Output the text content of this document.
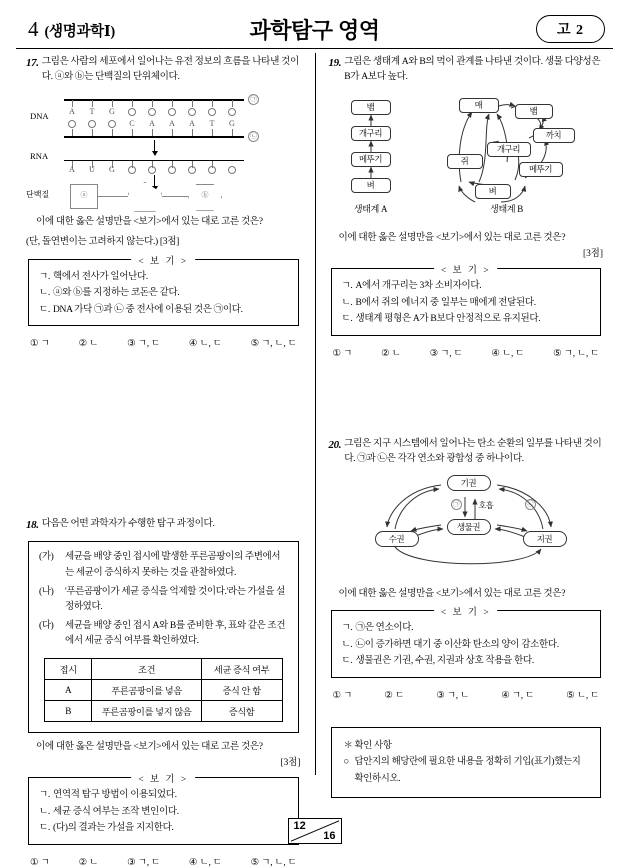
4 (생명과학Ⅰ)	과학탐구 영역	고 2
17. 그림은 사람의 세포에서 일어나는 유전 정보의 흐름을 나타낸 것이다. ⓐ와 ⓑ는 단백질의 단위체이다.
DNA
RNA
단백질
A	T	G
㉠
C A A A	T	G
㉡
A U G
ⓐ	ⓑ
이에 대한 옳은 설명만을 <보기>에서 있는 대로 고른 것은?
(단, 돌연변이는 고려하지 않는다.) [3점]
< 보 기 >
ㄱ. 핵에서 전사가 일어난다.
ㄴ. ⓐ와 ⓑ를 지정하는 코돈은 같다.
ㄷ. DNA 가닥 ㉠과 ㉡ 중 전사에 이용된 것은 ㉠이다.
① ㄱ	② ㄴ	③ ㄱ, ㄷ	④ ㄴ, ㄷ	⑤ ㄱ, ㄴ, ㄷ
18. 다음은 어떤 과학자가 수행한 탐구 과정이다.
(가)	세균을 배양 중인 접시에 발생한 푸른곰팡이의 주변에서는 세균이 증식하지 못하는 것을 관찰하였다.
(나)	'푸른곰팡이가 세균 증식을 억제할 것이다.'라는 가설을 설정하였다.
(다)	세균을 배양 중인 접시 A와 B를 준비한 후, 표와 같은 조건에서 세균 증식 여부를 확인하였다.
접시	조건	세균 증식 여부
A	푸른곰팡이를 넣음	증식 안 함
B	푸른곰팡이를 넣지 않음	증식함
이에 대한 옳은 설명만을 <보기>에서 있는 대로 고른 것은?
[3점]
< 보 기 >
ㄱ. 연역적 탐구 방법이 이용되었다.
ㄴ. 세균 증식 여부는 조작 변인이다.
ㄷ. (다)의 결과는 가설을 지지한다.
① ㄱ	② ㄴ	③ ㄱ, ㄷ	④ ㄴ, ㄷ	⑤ ㄱ, ㄴ, ㄷ
19. 그림은 생태계 A와 B의 먹이 관계를 나타낸 것이다. 생물 다양성은 B가 A보다 높다.
뱀
개구리
메뚜기
벼
생태계 A
매
뱀
까치
개구리
쥐
메뚜기
벼
생태계 B
이에 대한 옳은 설명만을 <보기>에서 있는 대로 고른 것은?
[3점]
< 보 기 >
ㄱ. A에서 개구리는 3차 소비자이다.
ㄴ. B에서 쥐의 에너지 중 일부는 매에게 전달된다.
ㄷ. 생태계 평형은 A가 B보다 안정적으로 유지된다.
① ㄱ	② ㄴ	③ ㄱ, ㄷ	④ ㄴ, ㄷ	⑤ ㄱ, ㄴ, ㄷ
20. 그림은 지구 시스템에서 일어나는 탄소 순환의 일부를 나타낸 것이다. ㉠과 ㉡은 각각 연소와 광합성 중 하나이다.
기권
생물권
수권	지권
호흡
㉠	㉡
이에 대한 옳은 설명만을 <보기>에서 있는 대로 고른 것은?
< 보 기 >
ㄱ. ㉠은 연소이다.
ㄴ. ㉡이 증가하면 대기 중 이산화 탄소의 양이 감소한다.
ㄷ. 생물권은 기권, 수권, 지권과 상호 작용을 한다.
① ㄱ	② ㄷ	③ ㄱ, ㄴ	④ ㄱ, ㄷ	⑤ ㄴ, ㄷ
＊ 확인 사항
○ 답안지의 해당란에 필요한 내용을 정확히 기입(표기)했는지 확인하시오.
12
16
